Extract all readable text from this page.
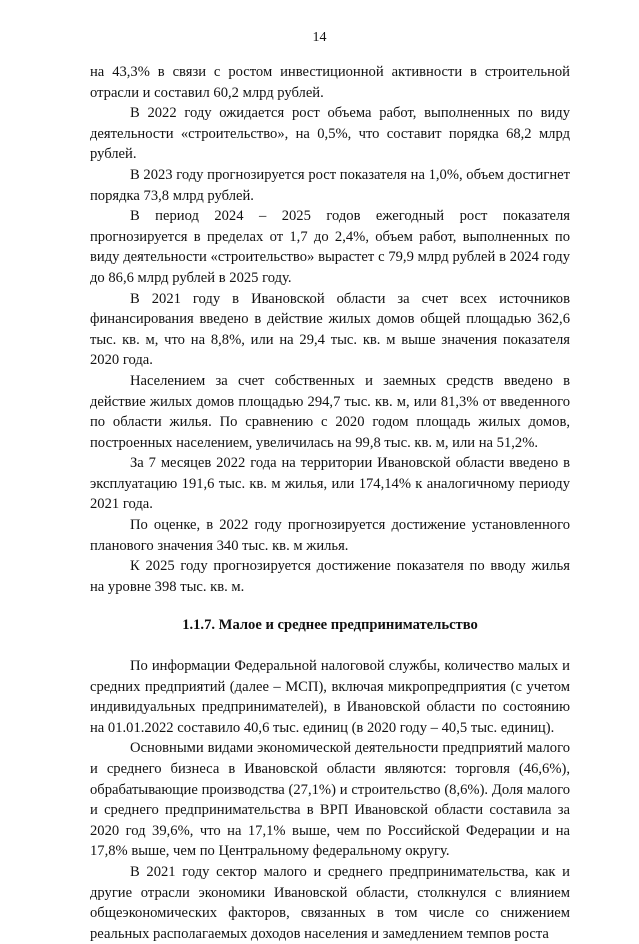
14

на 43,3% в связи с ростом инвестиционной активности в строительной отрасли и составил 60,2 млрд рублей.

В 2022 году ожидается рост объема работ, выполненных по виду деятельности «строительство», на 0,5%, что составит порядка 68,2 млрд рублей.

В 2023 году прогнозируется рост показателя на 1,0%, объем достигнет порядка 73,8 млрд рублей.

В период 2024 – 2025 годов ежегодный рост показателя прогнозируется в пределах от 1,7 до 2,4%, объем работ, выполненных по виду деятельности «строительство» вырастет с 79,9 млрд рублей в 2024 году до 86,6 млрд рублей в 2025 году.

В 2021 году в Ивановской области за счет всех источников финансирования введено в действие жилых домов общей площадью 362,6 тыс. кв. м, что на 8,8%, или на 29,4 тыс. кв. м выше значения показателя 2020 года.

Населением за счет собственных и заемных средств введено в действие жилых домов площадью 294,7 тыс. кв. м, или 81,3% от введенного по области жилья. По сравнению с 2020 годом площадь жилых домов, построенных населением, увеличилась на 99,8 тыс. кв. м, или на 51,2%.

За 7 месяцев 2022 года на территории Ивановской области введено в эксплуатацию 191,6 тыс. кв. м жилья, или 174,14% к аналогичному периоду 2021 года.

По оценке, в 2022 году прогнозируется достижение установленного планового значения 340 тыс. кв. м жилья.

К 2025 году прогнозируется достижение показателя по вводу жилья на уровне 398 тыс. кв. м.

1.1.7. Малое и среднее предпринимательство

По информации Федеральной налоговой службы, количество малых и средних предприятий (далее – МСП), включая микропредприятия (с учетом индивидуальных предпринимателей), в Ивановской области по состоянию на 01.01.2022 составило 40,6 тыс. единиц (в 2020 году – 40,5 тыс. единиц).

Основными видами экономической деятельности предприятий малого и среднего бизнеса в Ивановской области являются: торговля (46,6%), обрабатывающие производства (27,1%) и строительство (8,6%). Доля малого и среднего предпринимательства в ВРП Ивановской области составила за 2020 год 39,6%, что на 17,1% выше, чем по Российской Федерации и на 17,8% выше, чем по Центральному федеральному округу.

В 2021 году сектор малого и среднего предпринимательства, как и другие отрасли экономики Ивановской области, столкнулся с влиянием общеэкономических факторов, связанных в том числе со снижением реальных располагаемых доходов населения и замедлением темпов роста
